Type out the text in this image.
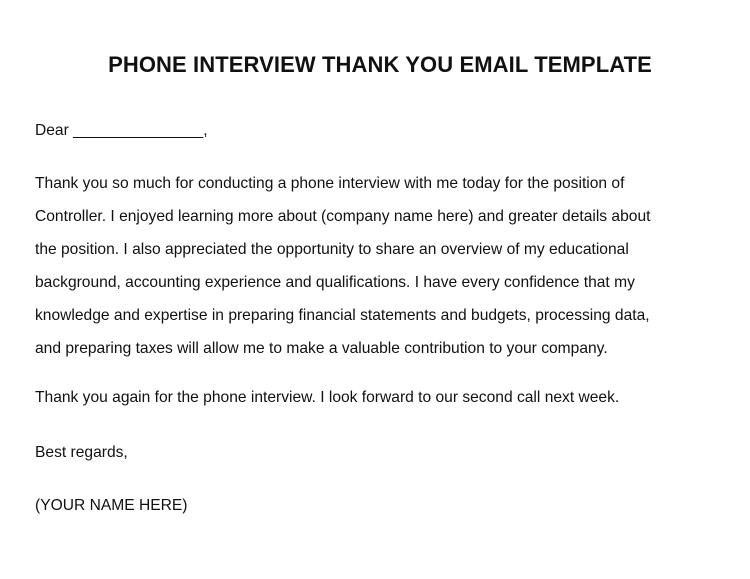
PHONE INTERVIEW THANK YOU EMAIL TEMPLATE
Dear _______________,
Thank you so much for conducting a phone interview with me today for the position of
Controller. I enjoyed learning more about (company name here) and greater details about
the position. I also appreciated the opportunity to share an overview of my educational
background, accounting experience and qualifications. I have every confidence that my
knowledge and expertise in preparing financial statements and budgets, processing data,
and preparing taxes will allow me to make a valuable contribution to your company.
Thank you again for the phone interview. I look forward to our second call next week.
Best regards,
(YOUR NAME HERE)
